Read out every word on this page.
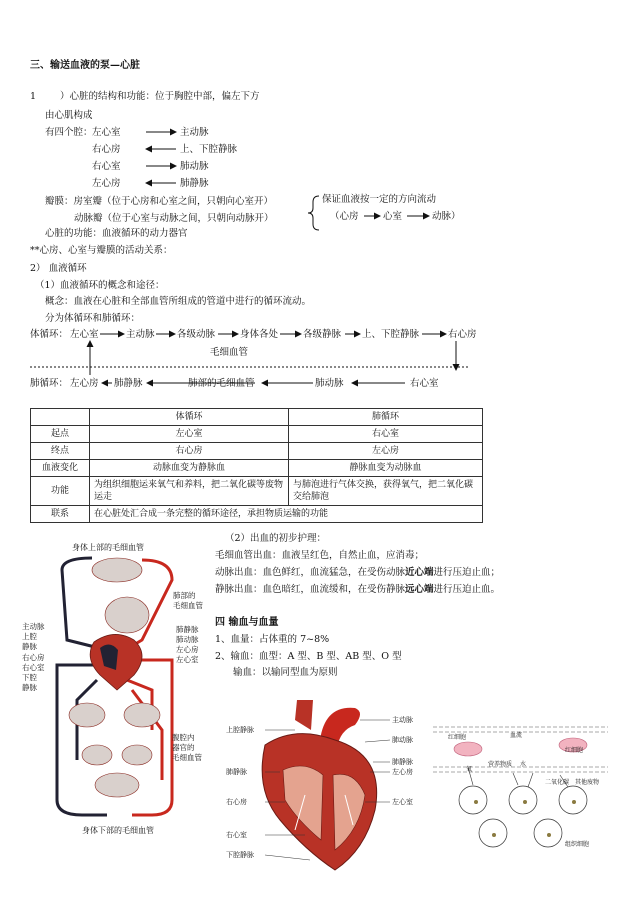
三、输送血液的泵—心脏
1	）心脏的结构和功能：位于胸腔中部，偏左下方
由心肌构成
有四个腔： 左心室	主动脉
右心房	上、下腔静脉
右心室	肺动脉
左心房	肺静脉
瓣膜：房室瓣（位于心房和心室之间，只朝向心室开）
动脉瓣（位于心室与动脉之间，只朝向动脉开）
保证血液按一定的方向流动
（心房	心室	动脉）
心脏的功能：血液循环的动力器官
**心房、心室与瓣膜的活动关系：
2） 血液循环
（1）血液循环的概念和途径：
概念：血液在心脏和全部血管所组成的管道中进行的循环流动。
分为体循环和肺循环：
体循环： 左心室	主动脉 各级动脉	身体各处	各级静脉 上、下腔静脉	右心房
毛细血管
肺循环： 左心房 肺静脉	肺部的毛细血管	肺动脉	右心室
	体循环	肺循环
起点	左心室	右心室
终点	右心房	左心房
血液变化	动脉血变为静脉血	静脉血变为动脉血
功能	为组织细胞运来氧气和养料，把二氧化碳等废物运走	与肺泡进行气体交换，获得氧气，把二氧化碳交给肺泡
联系	在心脏处汇合成一条完整的循环途径，承担物质运输的功能	
身体上部的毛细血管
身体下部的毛细血管
主动脉
上腔
静脉
右心房
右心室
下腔
静脉
肺部的
毛细血管
肺静脉
肺动脉
左心房
左心室
腹腔内
器官的
毛细血管
（2）出血的初步护理：
毛细血管出血：血液呈红色，自然止血，应消毒；
动脉出血：血色鲜红，血流猛急，在受伤动脉近心端进行压迫止血；
静脉出血：血色暗红，血流缓和，在受伤静脉远心端进行压迫止血。
四 输血与血量
1、血量：占体重的 7~8%
2、输血：血型：A 型、B 型、AB 型、O 型
输血：以输同型血为原则
上腔静脉
肺静脉
右心房
右心室
下腔静脉
主动脉
肺动脉
肺静脉
左心房
左心室
红细胞	血流
红细胞
氧
营养物质 水
二氧化碳 其他废物
组织细胞
